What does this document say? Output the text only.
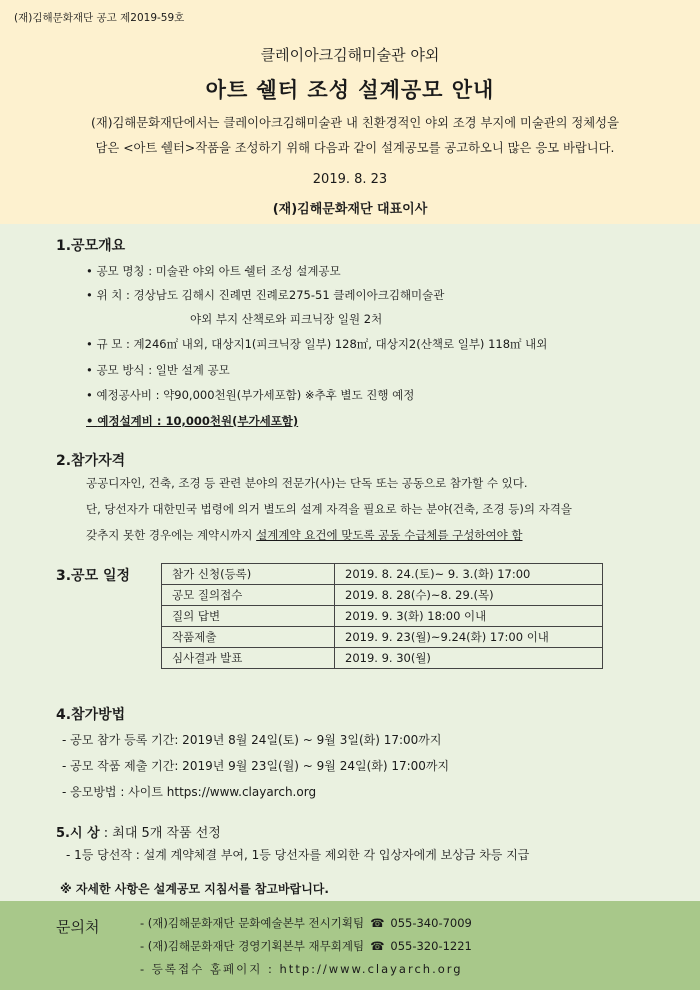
(재)김해문화재단 공고 제2019-59호
클레이아크김해미술관 야외
아트 쉘터 조성 설계공모 안내
(재)김해문화재단에서는 클레이아크김해미술관 내 친환경적인 야외 조경 부지에 미술관의 정체성을
담은 <아트 쉘터>작품을 조성하기 위해 다음과 같이 설계공모를 공고하오니 많은 응모 바랍니다.
2019. 8. 23
(재)김해문화재단 대표이사
1.공모개요
• 공모 명칭 : 미술관 야외 아트 쉘터 조성 설계공모
• 위 치 : 경상남도 김해시 진례면 진례로275-51 클레이아크김해미술관
야외 부지 산책로와 피크닉장 일원 2처
• 규 모 : 계246㎡ 내외, 대상지1(피크닉장 일부) 128㎡, 대상지2(산책로 일부) 118㎡ 내외
• 공모 방식 : 일반 설계 공모
• 예정공사비 : 약90,000천원(부가세포함) ※추후 별도 진행 예정
• 예정설계비 : 10,000천원(부가세포함)
2.참가자격
공공디자인, 건축, 조경 등 관련 분야의 전문가(사)는 단독 또는 공동으로 참가할 수 있다.
단, 당선자가 대한민국 법령에 의거 별도의 설계 자격을 필요로 하는 분야(건축, 조경 등)의 자격을
갖추지 못한 경우에는 계약시까지 설계계약 요건에 맞도록 공동 수급체를 구성하여야 함
3.공모 일정	참가 신청(등록)	2019. 8. 24.(토)~ 9. 3.(화) 17:00
공모 질의접수	2019. 8. 28(수)~8. 29.(목)
질의 답변	2019. 9. 3(화) 18:00 이내
작품제출	2019. 9. 23(월)~9.24(화) 17:00 이내
심사결과 발표	2019. 9. 30(월)
4.참가방법
- 공모 참가 등록 기간: 2019년 8월 24일(토) ~ 9월 3일(화) 17:00까지
- 공모 작품 제출 기간: 2019년 9월 23일(월) ~ 9월 24일(화) 17:00까지
- 응모방법 : 사이트 https://www.clayarch.org
5.시 상 : 최대 5개 작품 선정
- 1등 당선작 : 설계 계약체결 부여, 1등 당선자를 제외한 각 입상자에게 보상금 차등 지급
※ 자세한 사항은 설계공모 지침서를 참고바랍니다.
문의처	- (재)김해문화재단 문화예술본부 전시기획팀 ☎ 055-340-7009
- (재)김해문화재단 경영기획본부 재무회계팀 ☎ 055-320-1221
- 등록접수 홈페이지 : http://www.clayarch.org
